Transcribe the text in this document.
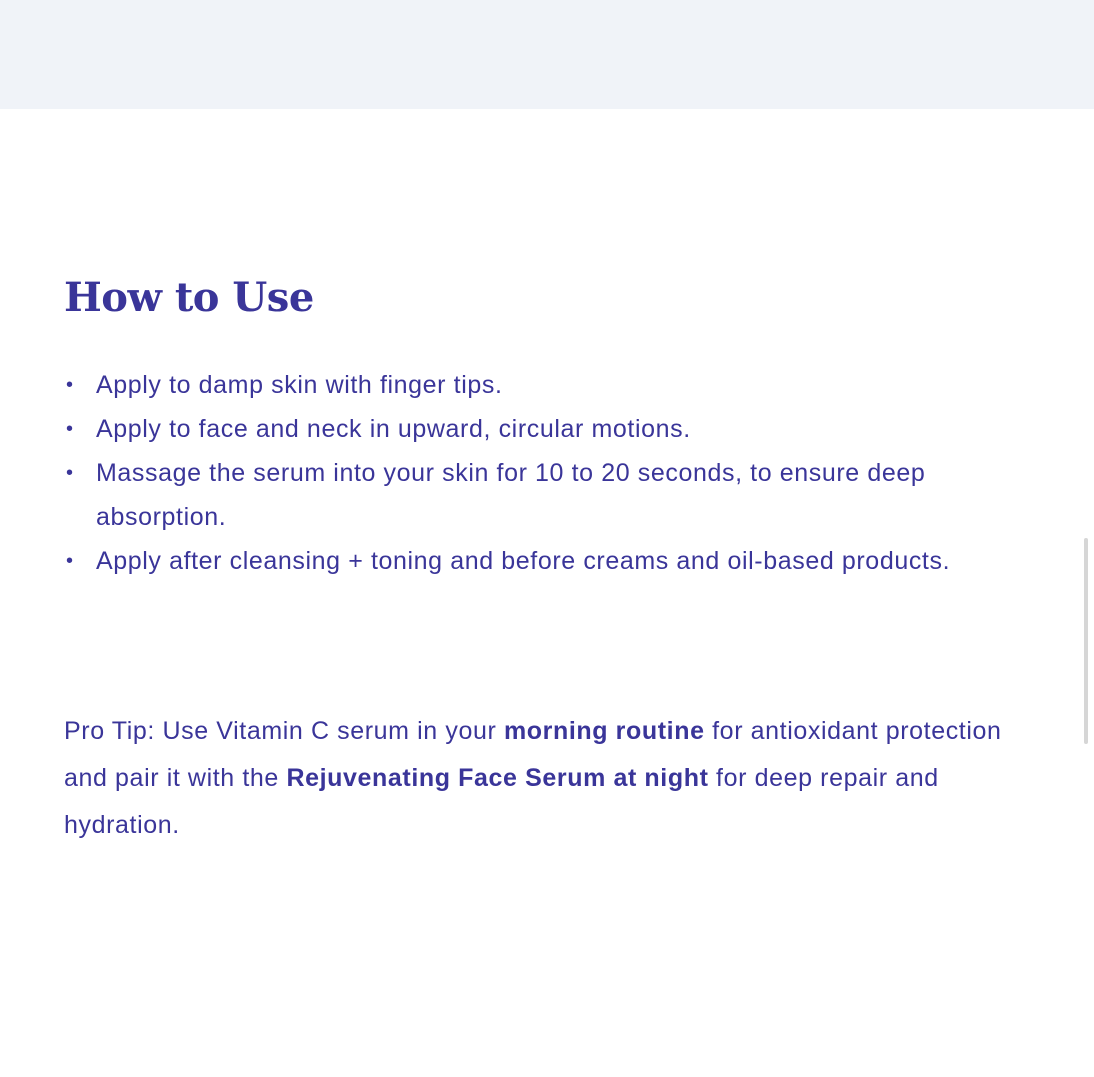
How to Use
• Apply to damp skin with finger tips.
• Apply to face and neck in upward, circular motions.
• Massage the serum into your skin for 10 to 20 seconds, to ensure deep absorption.
• Apply after cleansing + toning and before creams and oil-based products.

Pro Tip: Use Vitamin C serum in your morning routine for antioxidant protection and pair it with the Rejuvenating Face Serum at night for deep repair and hydration.
